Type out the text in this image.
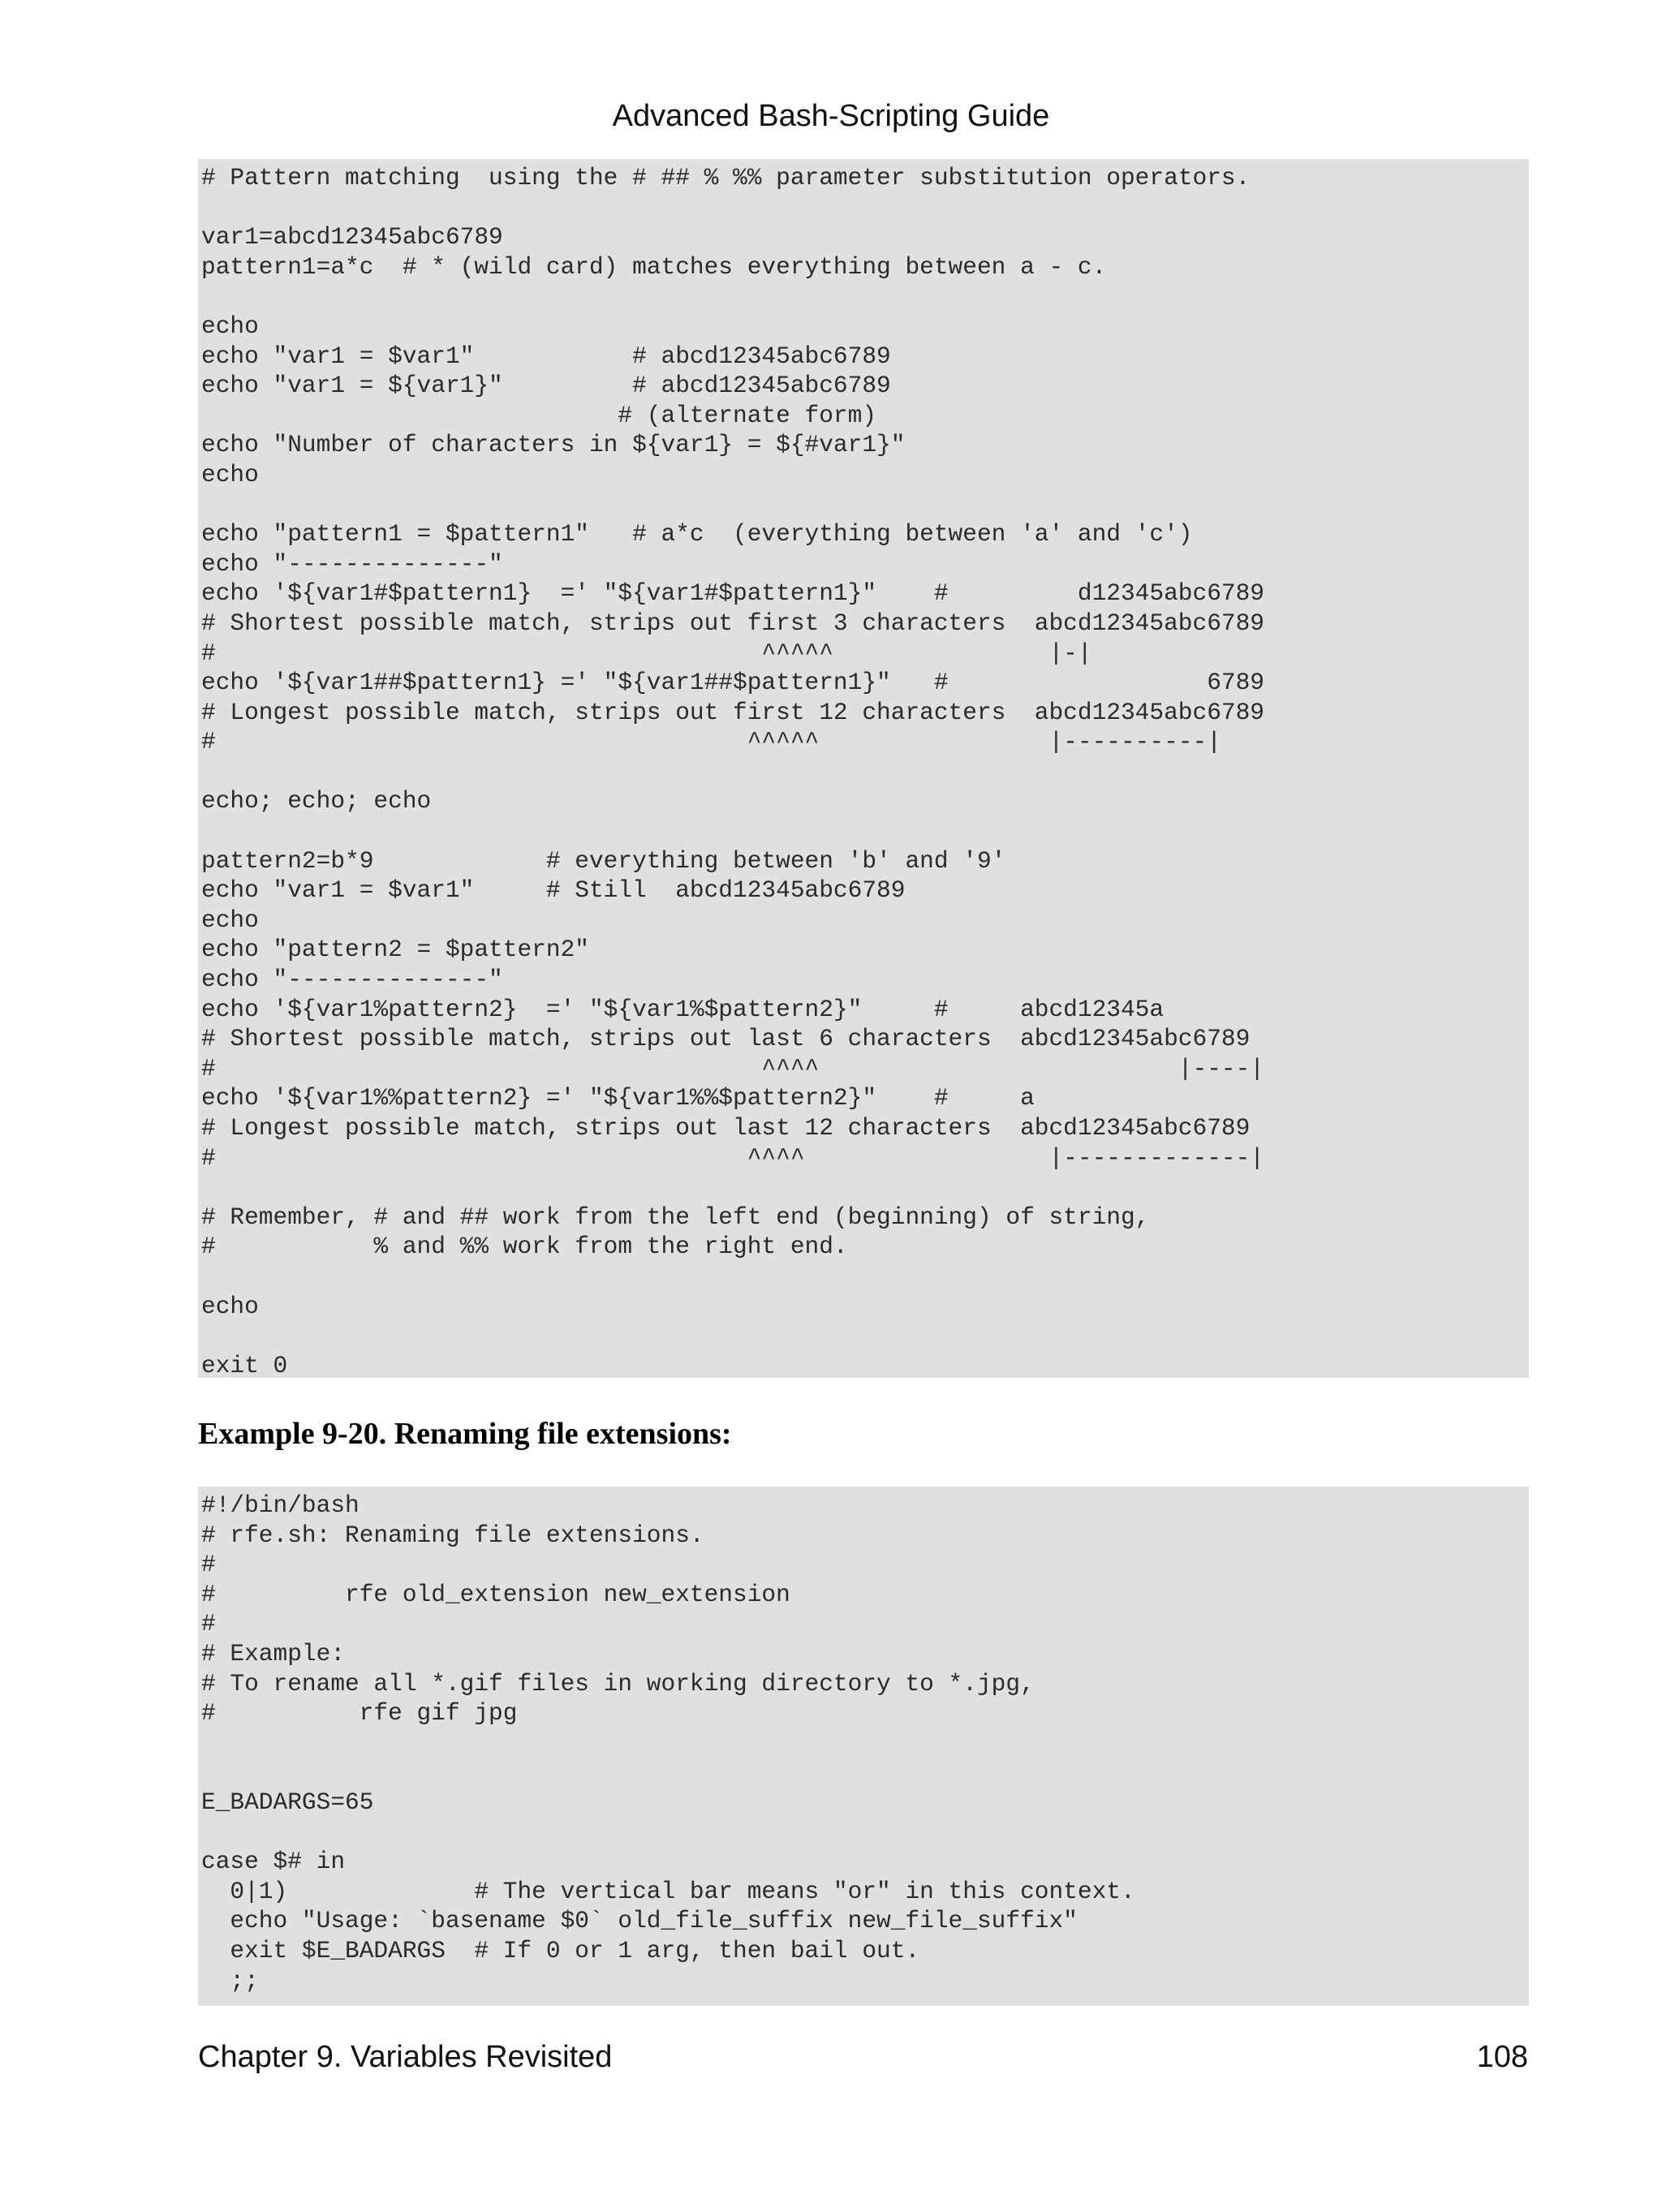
Advanced Bash-Scripting Guide
# Pattern matching  using the # ## % %% parameter substitution operators.

var1=abcd12345abc6789
pattern1=a*c  # * (wild card) matches everything between a - c.

echo
echo "var1 = $var1"           # abcd12345abc6789
echo "var1 = ${var1}"         # abcd12345abc6789
# (alternate form)
echo "Number of characters in ${var1} = ${#var1}"
echo

echo "pattern1 = $pattern1"   # a*c  (everything between 'a' and 'c')
echo "--------------"
echo '${var1#$pattern1}  =' "${var1#$pattern1}"    #         d12345abc6789
# Shortest possible match, strips out first 3 characters  abcd12345abc6789
#                                      ^^^^^               |-|
echo '${var1##$pattern1} =' "${var1##$pattern1}"   #                  6789
# Longest possible match, strips out first 12 characters  abcd12345abc6789
#                                     ^^^^^                |----------|

echo; echo; echo

pattern2=b*9            # everything between 'b' and '9'
echo "var1 = $var1"     # Still  abcd12345abc6789
echo
echo "pattern2 = $pattern2"
echo "--------------"
echo '${var1%pattern2}  =' "${var1%$pattern2}"     #     abcd12345a
# Shortest possible match, strips out last 6 characters  abcd12345abc6789
#                                      ^^^^                         |----|
echo '${var1%%pattern2} =' "${var1%%$pattern2}"    #     a
# Longest possible match, strips out last 12 characters  abcd12345abc6789
#                                     ^^^^                 |-------------|

# Remember, # and ## work from the left end (beginning) of string,
#           % and %% work from the right end.

echo

exit 0
Example 9-20. Renaming file extensions:
#!/bin/bash
# rfe.sh: Renaming file extensions.
#
#         rfe old_extension new_extension
#
# Example:
# To rename all *.gif files in working directory to *.jpg,
#          rfe gif jpg

E_BADARGS=65

case $# in
0|1)             # The vertical bar means "or" in this context.
echo "Usage: `basename $0` old_file_suffix new_file_suffix"
exit $E_BADARGS  # If 0 or 1 arg, then bail out.
;;
Chapter 9. Variables Revisited	108
